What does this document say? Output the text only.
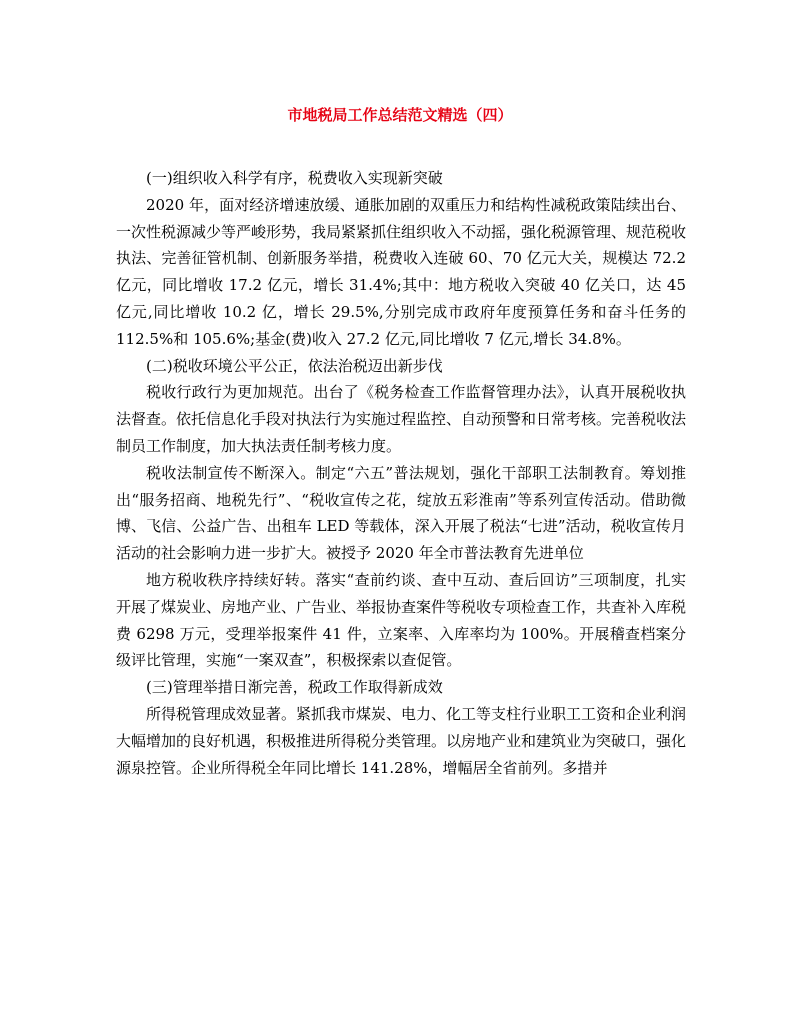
市地税局工作总结范文精选（四）

(一)组织收入科学有序，税费收入实现新突破

2020 年，面对经济增速放缓、通胀加剧的双重压力和结构性减税政策陆续出台、一次性税源减少等严峻形势，我局紧紧抓住组织收入不动摇，强化税源管理、规范税收执法、完善征管机制、创新服务举措，税费收入连破 60、70 亿元大关，规模达 72.2 亿元，同比增收 17.2 亿元，增长 31.4%;其中：地方税收入突破 40 亿关口，达 45 亿元,同比增收 10.2 亿，增长 29.5%,分别完成市政府年度预算任务和奋斗任务的 112.5%和 105.6%;基金(费)收入 27.2 亿元,同比增收 7 亿元,增长 34.8%。

(二)税收环境公平公正，依法治税迈出新步伐

税收行政行为更加规范。出台了《税务检查工作监督管理办法》，认真开展税收执法督查。依托信息化手段对执法行为实施过程监控、自动预警和日常考核。完善税收法制员工作制度，加大执法责任制考核力度。

税收法制宣传不断深入。制定“六五”普法规划，强化干部职工法制教育。筹划推出“服务招商、地税先行”、“税收宣传之花，绽放五彩淮南”等系列宣传活动。借助微博、飞信、公益广告、出租车 LED 等载体，深入开展了税法“七进”活动，税收宣传月活动的社会影响力进一步扩大。被授予 2020 年全市普法教育先进单位

地方税收秩序持续好转。落实“查前约谈、查中互动、查后回访”三项制度，扎实开展了煤炭业、房地产业、广告业、举报协查案件等税收专项检查工作，共查补入库税费 6298 万元，受理举报案件 41 件，立案率、入库率均为 100%。开展稽查档案分级评比管理，实施“一案双查”，积极探索以查促管。

(三)管理举措日渐完善，税政工作取得新成效

所得税管理成效显著。紧抓我市煤炭、电力、化工等支柱行业职工工资和企业利润大幅增加的良好机遇，积极推进所得税分类管理。以房地产业和建筑业为突破口，强化源泉控管。企业所得税全年同比增长 141.28%，增幅居全省前列。多措并
